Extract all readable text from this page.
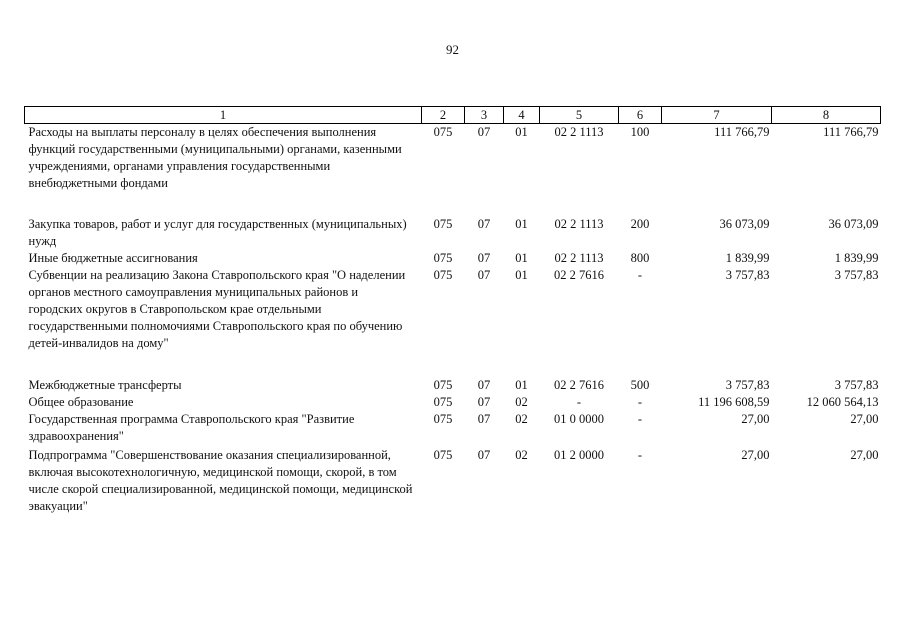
92
1	2	3	4	5	6	7	8
Расходы на выплаты персоналу в целях обеспечения выполнения функций государственными (муниципальными) органами, казенными учреждениями, органами управления государственными внебюджетными фондами	075	07	01	02 2 1113	100	111 766,79	111 766,79
Закупка товаров, работ и услуг для государственных (муниципальных) нужд	075	07	01	02 2 1113	200	36 073,09	36 073,09
Иные бюджетные ассигнования	075	07	01	02 2 1113	800	1 839,99	1 839,99
Субвенции на реализацию Закона Ставропольского края "О наделении органов местного самоуправления муниципальных районов и городских округов в Ставропольском крае отдельными государственными полномочиями Ставропольского края по обучению детей-инвалидов на дому"	075	07	01	02 2 7616	-	3 757,83	3 757,83
Межбюджетные трансферты	075	07	01	02 2 7616	500	3 757,83	3 757,83
Общее образование	075	07	02	-	-	11 196 608,59	12 060 564,13
Государственная программа Ставропольского края "Развитие здравоохранения"	075	07	02	01 0 0000	-	27,00	27,00
Подпрограмма "Совершенствование оказания специализированной, включая высокотехнологичную, медицинской помощи, скорой, в том числе скорой специализированной, медицинской помощи, медицинской эвакуации"	075	07	02	01 2 0000	-	27,00	27,00
